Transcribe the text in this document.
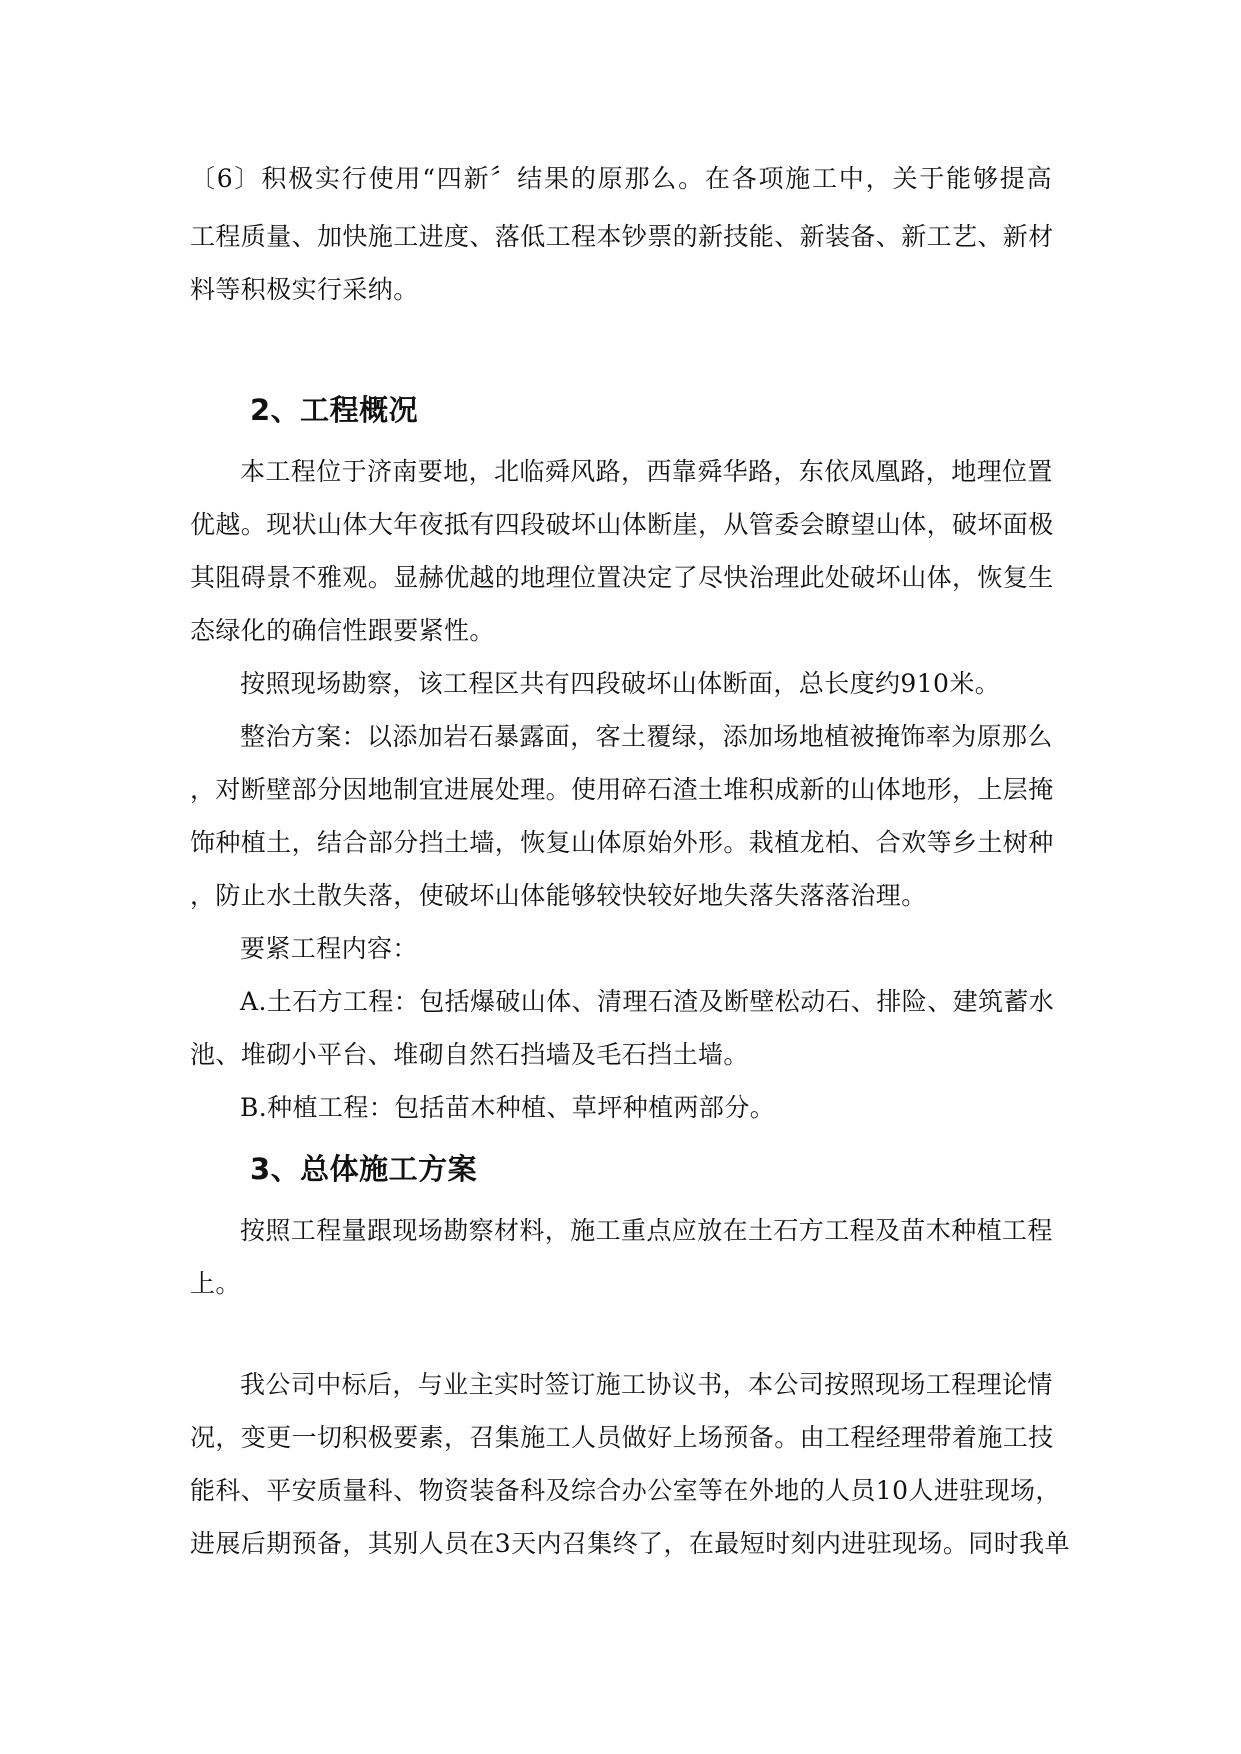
〔6〕积极实行使用“四新〞结果的原那么。在各项施工中，关于能够提高
工程质量、加快施工进度、落低工程本钞票的新技能、新装备、新工艺、新材
料等积极实行采纳。
2、工程概况
本工程位于济南要地，北临舜风路，西靠舜华路，东依凤凰路，地理位置
优越。现状山体大年夜抵有四段破坏山体断崖，从管委会瞭望山体，破坏面极
其阻碍景不雅观。显赫优越的地理位置决定了尽快治理此处破坏山体，恢复生
态绿化的确信性跟要紧性。
按照现场勘察，该工程区共有四段破坏山体断面，总长度约910米。
整治方案：以添加岩石暴露面，客土覆绿，添加场地植被掩饰率为原那么
，对断壁部分因地制宜进展处理。使用碎石渣土堆积成新的山体地形，上层掩
饰种植土，结合部分挡土墙，恢复山体原始外形。栽植龙柏、合欢等乡土树种
，防止水土散失落，使破坏山体能够较快较好地失落失落落治理。
要紧工程内容：
A.土石方工程：包括爆破山体、清理石渣及断壁松动石、排险、建筑蓄水
池、堆砌小平台、堆砌自然石挡墙及毛石挡土墙。
B.种植工程：包括苗木种植、草坪种植两部分。
3、总体施工方案
按照工程量跟现场勘察材料，施工重点应放在土石方工程及苗木种植工程
上。
我公司中标后，与业主实时签订施工协议书，本公司按照现场工程理论情
况，变更一切积极要素，召集施工人员做好上场预备。由工程经理带着施工技
能科、平安质量科、物资装备科及综合办公室等在外地的人员10人进驻现场，
进展后期预备，其别人员在3天内召集终了，在最短时刻内进驻现场。同时我单
